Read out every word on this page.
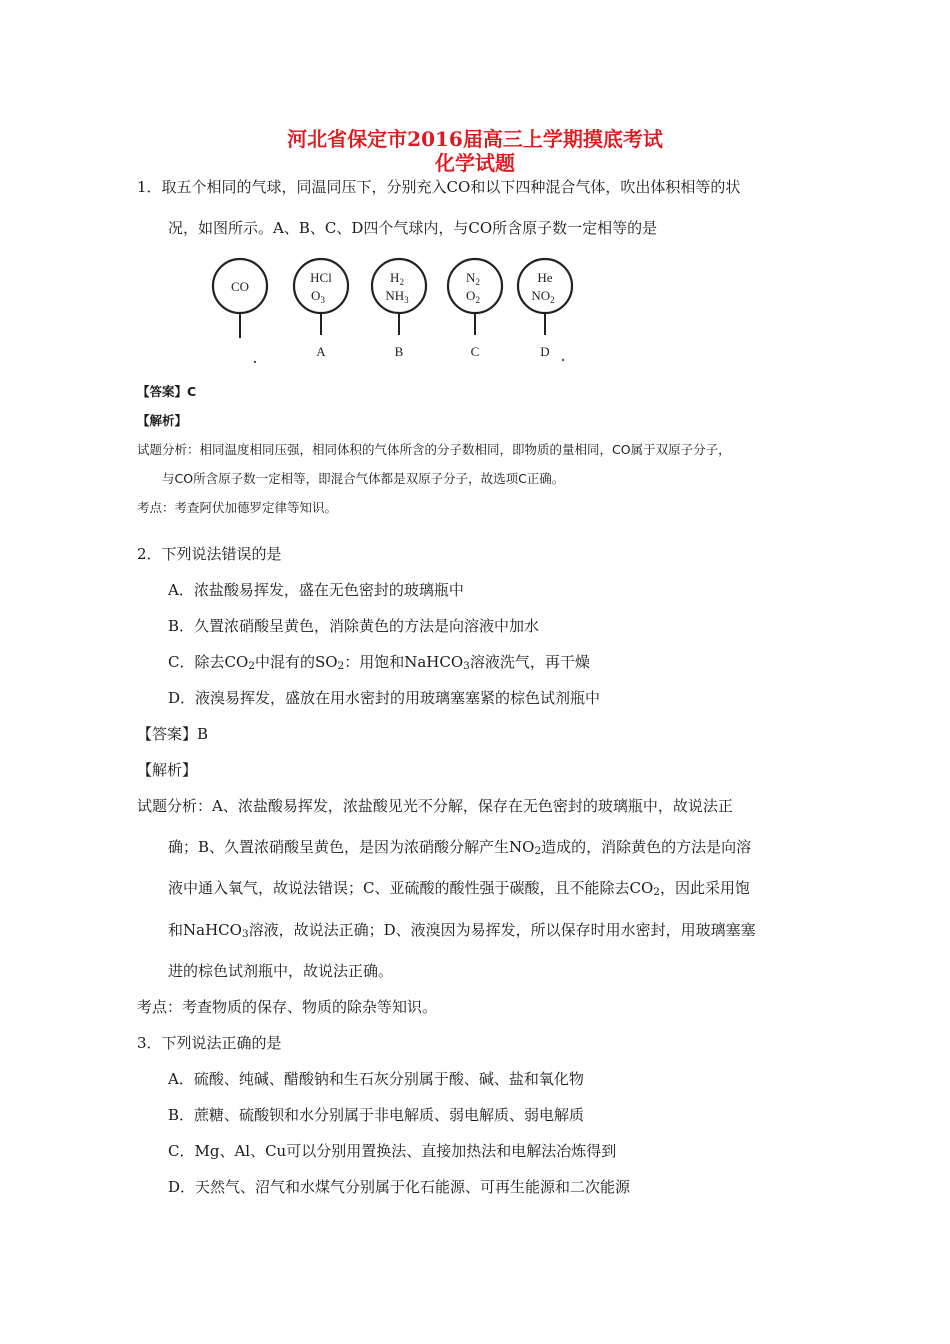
河北省保定市2016届高三上学期摸底考试
化学试题
1．取五个相同的气球，同温同压下，分别充入CO和以下四种混合气体，吹出体积相等的状
况，如图所示。A、B、C、D四个气球内，与CO所含原子数一定相等的是
CO
HCl
$O_3$
A
$H_2$
$NH_3$
B
$N_2$
$O_2$
C
He
$NO_2$
D
【答案】C
【解析】
试题分析：相同温度相同压强，相同体积的气体所含的分子数相同，即物质的量相同，CO属于双原子分子，
与CO所含原子数一定相等，即混合气体都是双原子分子，故选项C正确。
考点：考查阿伏加德罗定律等知识。
2．下列说法错误的是
A．浓盐酸易挥发，盛在无色密封的玻璃瓶中
B．久置浓硝酸呈黄色，消除黄色的方法是向溶液中加水
C．除去$CO_2$中混有的$SO_2$：用饱和NaHCO$_3$溶液洗气，再干燥
D．液溴易挥发，盛放在用水密封的用玻璃塞塞紧的棕色试剂瓶中
【答案】B
【解析】
试题分析：A、浓盐酸易挥发，浓盐酸见光不分解，保存在无色密封的玻璃瓶中，故说法正
确；B、久置浓硝酸呈黄色，是因为浓硝酸分解产生$NO_2$造成的，消除黄色的方法是向溶
液中通入氧气，故说法错误；C、亚硫酸的酸性强于碳酸，且不能除去$CO_2$，因此采用饱
和NaHCO$_3$溶液，故说法正确；D、液溴因为易挥发，所以保存时用水密封，用玻璃塞塞
进的棕色试剂瓶中，故说法正确。
考点：考查物质的保存、物质的除杂等知识。
3．下列说法正确的是
A．硫酸、纯碱、醋酸钠和生石灰分别属于酸、碱、盐和氧化物
B．蔗糖、硫酸钡和水分别属于非电解质、弱电解质、弱电解质
C．Mg、Al、Cu可以分别用置换法、直接加热法和电解法冶炼得到
D．天然气、沼气和水煤气分别属于化石能源、可再生能源和二次能源
